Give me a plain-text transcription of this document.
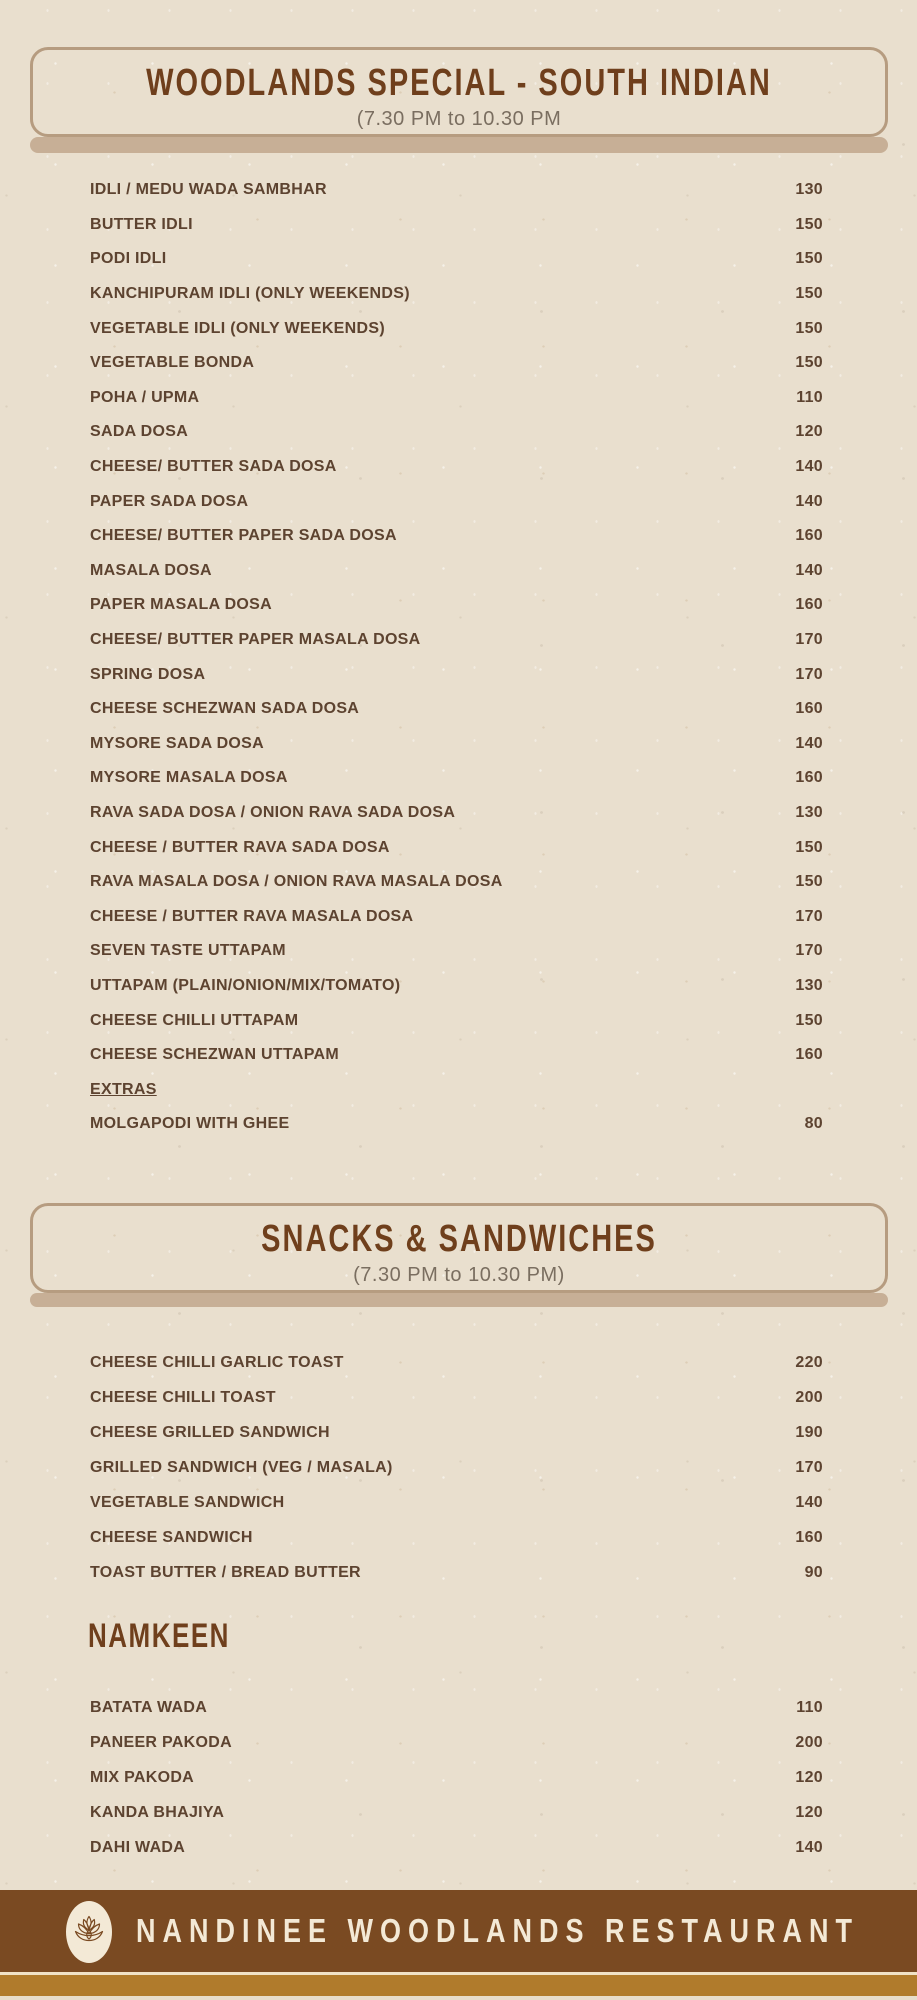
WOODLANDS SPECIAL - SOUTH INDIAN
(7.30 PM to 10.30 PM
IDLI / MEDU WADA SAMBHAR	130
BUTTER IDLI	150
PODI IDLI	150
KANCHIPURAM IDLI (ONLY WEEKENDS)	150
VEGETABLE IDLI (ONLY WEEKENDS)	150
VEGETABLE BONDA	150
POHA / UPMA	110
SADA DOSA	120
CHEESE/ BUTTER SADA DOSA	140
PAPER SADA DOSA	140
CHEESE/ BUTTER PAPER SADA DOSA	160
MASALA DOSA	140
PAPER MASALA DOSA	160
CHEESE/ BUTTER PAPER MASALA DOSA	170
SPRING DOSA	170
CHEESE SCHEZWAN SADA DOSA	160
MYSORE SADA DOSA	140
MYSORE MASALA DOSA	160
RAVA SADA DOSA / ONION RAVA SADA DOSA	130
CHEESE / BUTTER RAVA SADA DOSA	150
RAVA MASALA DOSA / ONION RAVA MASALA DOSA	150
CHEESE / BUTTER RAVA MASALA DOSA	170
SEVEN TASTE UTTAPAM	170
UTTAPAM (PLAIN/ONION/MIX/TOMATO)	130
CHEESE CHILLI UTTAPAM	150
CHEESE SCHEZWAN UTTAPAM	160
EXTRAS
MOLGAPODI WITH GHEE	80
SNACKS & SANDWICHES
(7.30 PM to 10.30 PM)
CHEESE CHILLI GARLIC TOAST	220
CHEESE CHILLI TOAST	200
CHEESE GRILLED SANDWICH	190
GRILLED SANDWICH (VEG / MASALA)	170
VEGETABLE SANDWICH	140
CHEESE SANDWICH	160
TOAST BUTTER / BREAD BUTTER	90
NAMKEEN
BATATA WADA	110
PANEER PAKODA	200
MIX PAKODA	120
KANDA BHAJIYA	120
DAHI WADA	140
NANDINEE WOODLANDS RESTAURANT
